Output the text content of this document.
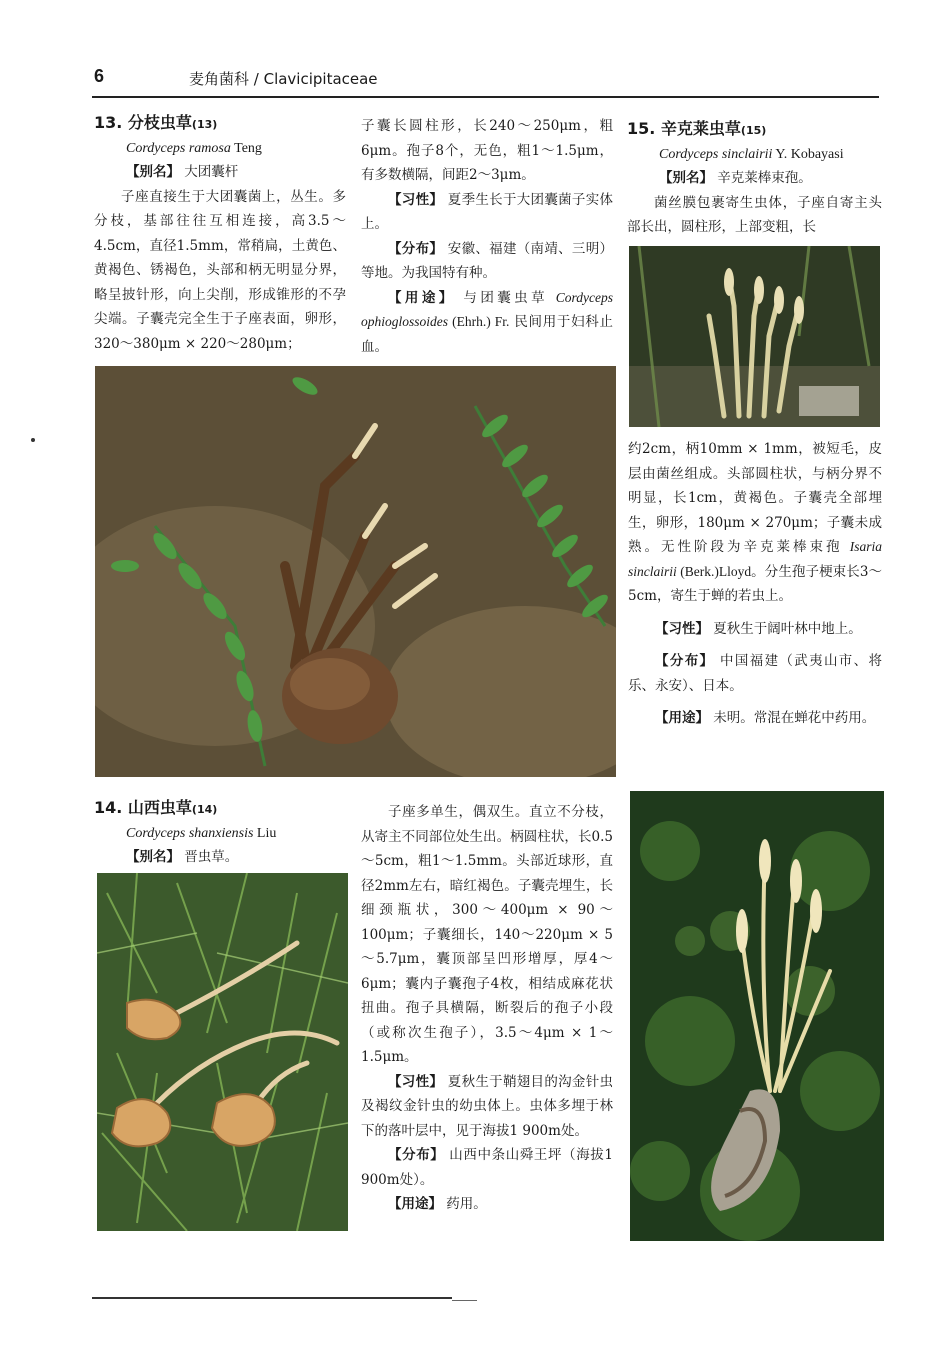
6	麦角菌科 / Clavicipitaceae
13. 分枝虫草(13)
Cordyceps ramosa Teng

【别名】 大团囊杆

子座直接生于大团囊菌上，丛生。多分枝，基部往往互相连接，高3.5～4.5cm，直径1.5mm，常稍扁，土黄色、黄褐色、锈褐色，头部和柄无明显分界，略呈披针形，向上尖削，形成锥形的不孕尖端。子囊壳完全生于子座表面，卵形，320～380μm × 220～280μm；

子囊长圆柱形，长240～250μm，粗6μm。孢子8个，无色，粗1～1.5μm，有多数横隔，间距2～3μm。

【习性】 夏季生长于大团囊菌子实体上。

【分布】 安徽、福建（南靖、三明）等地。为我国特有种。

【用途】 与团囊虫草 Cordyceps ophioglossoides (Ehrh.) Fr. 民间用于妇科止血。

14. 山西虫草(14)
Cordyceps shanxiensis Liu

【别名】 晋虫草。

子座多单生，偶双生。直立不分枝，从寄主不同部位处生出。柄圆柱状，长0.5～5cm，粗1～1.5mm。头部近球形，直径2mm左右，暗红褐色。子囊壳埋生，长细颈瓶状，300～400μm × 90～100μm；子囊细长，140～220μm × 5～5.7μm，囊顶部呈凹形增厚，厚4～6μm；囊内子囊孢子4枚，相结成麻花状扭曲。孢子具横隔，断裂后的孢子小段（或称次生孢子），3.5～4μm × 1～1.5μm。

【习性】 夏秋生于鞘翅目的沟金针虫及褐纹金针虫的幼虫体上。虫体多埋于林下的落叶层中，见于海拔1 900m处。

【分布】 山西中条山舜王坪（海拔1 900m处）。

【用途】 药用。

15. 辛克莱虫草(15)
Cordyceps sinclairii Y. Kobayasi

【别名】 辛克莱棒束孢。

菌丝膜包裹寄生虫体，子座自寄主头部长出，圆柱形，上部变粗，长

约2cm，柄10mm × 1mm，被短毛，皮层由菌丝组成。头部圆柱状，与柄分界不明显，长1cm，黄褐色。子囊壳全部埋生，卵形，180μm × 270μm；子囊未成熟。无性阶段为辛克莱棒束孢 Isaria sinclairii (Berk.)Lloyd。分生孢子梗束长3～5cm，寄生于蝉的若虫上。

【习性】 夏秋生于阔叶林中地上。

【分布】 中国福建（武夷山市、将乐、永安）、日本。

【用途】 未明。常混在蝉花中药用。
